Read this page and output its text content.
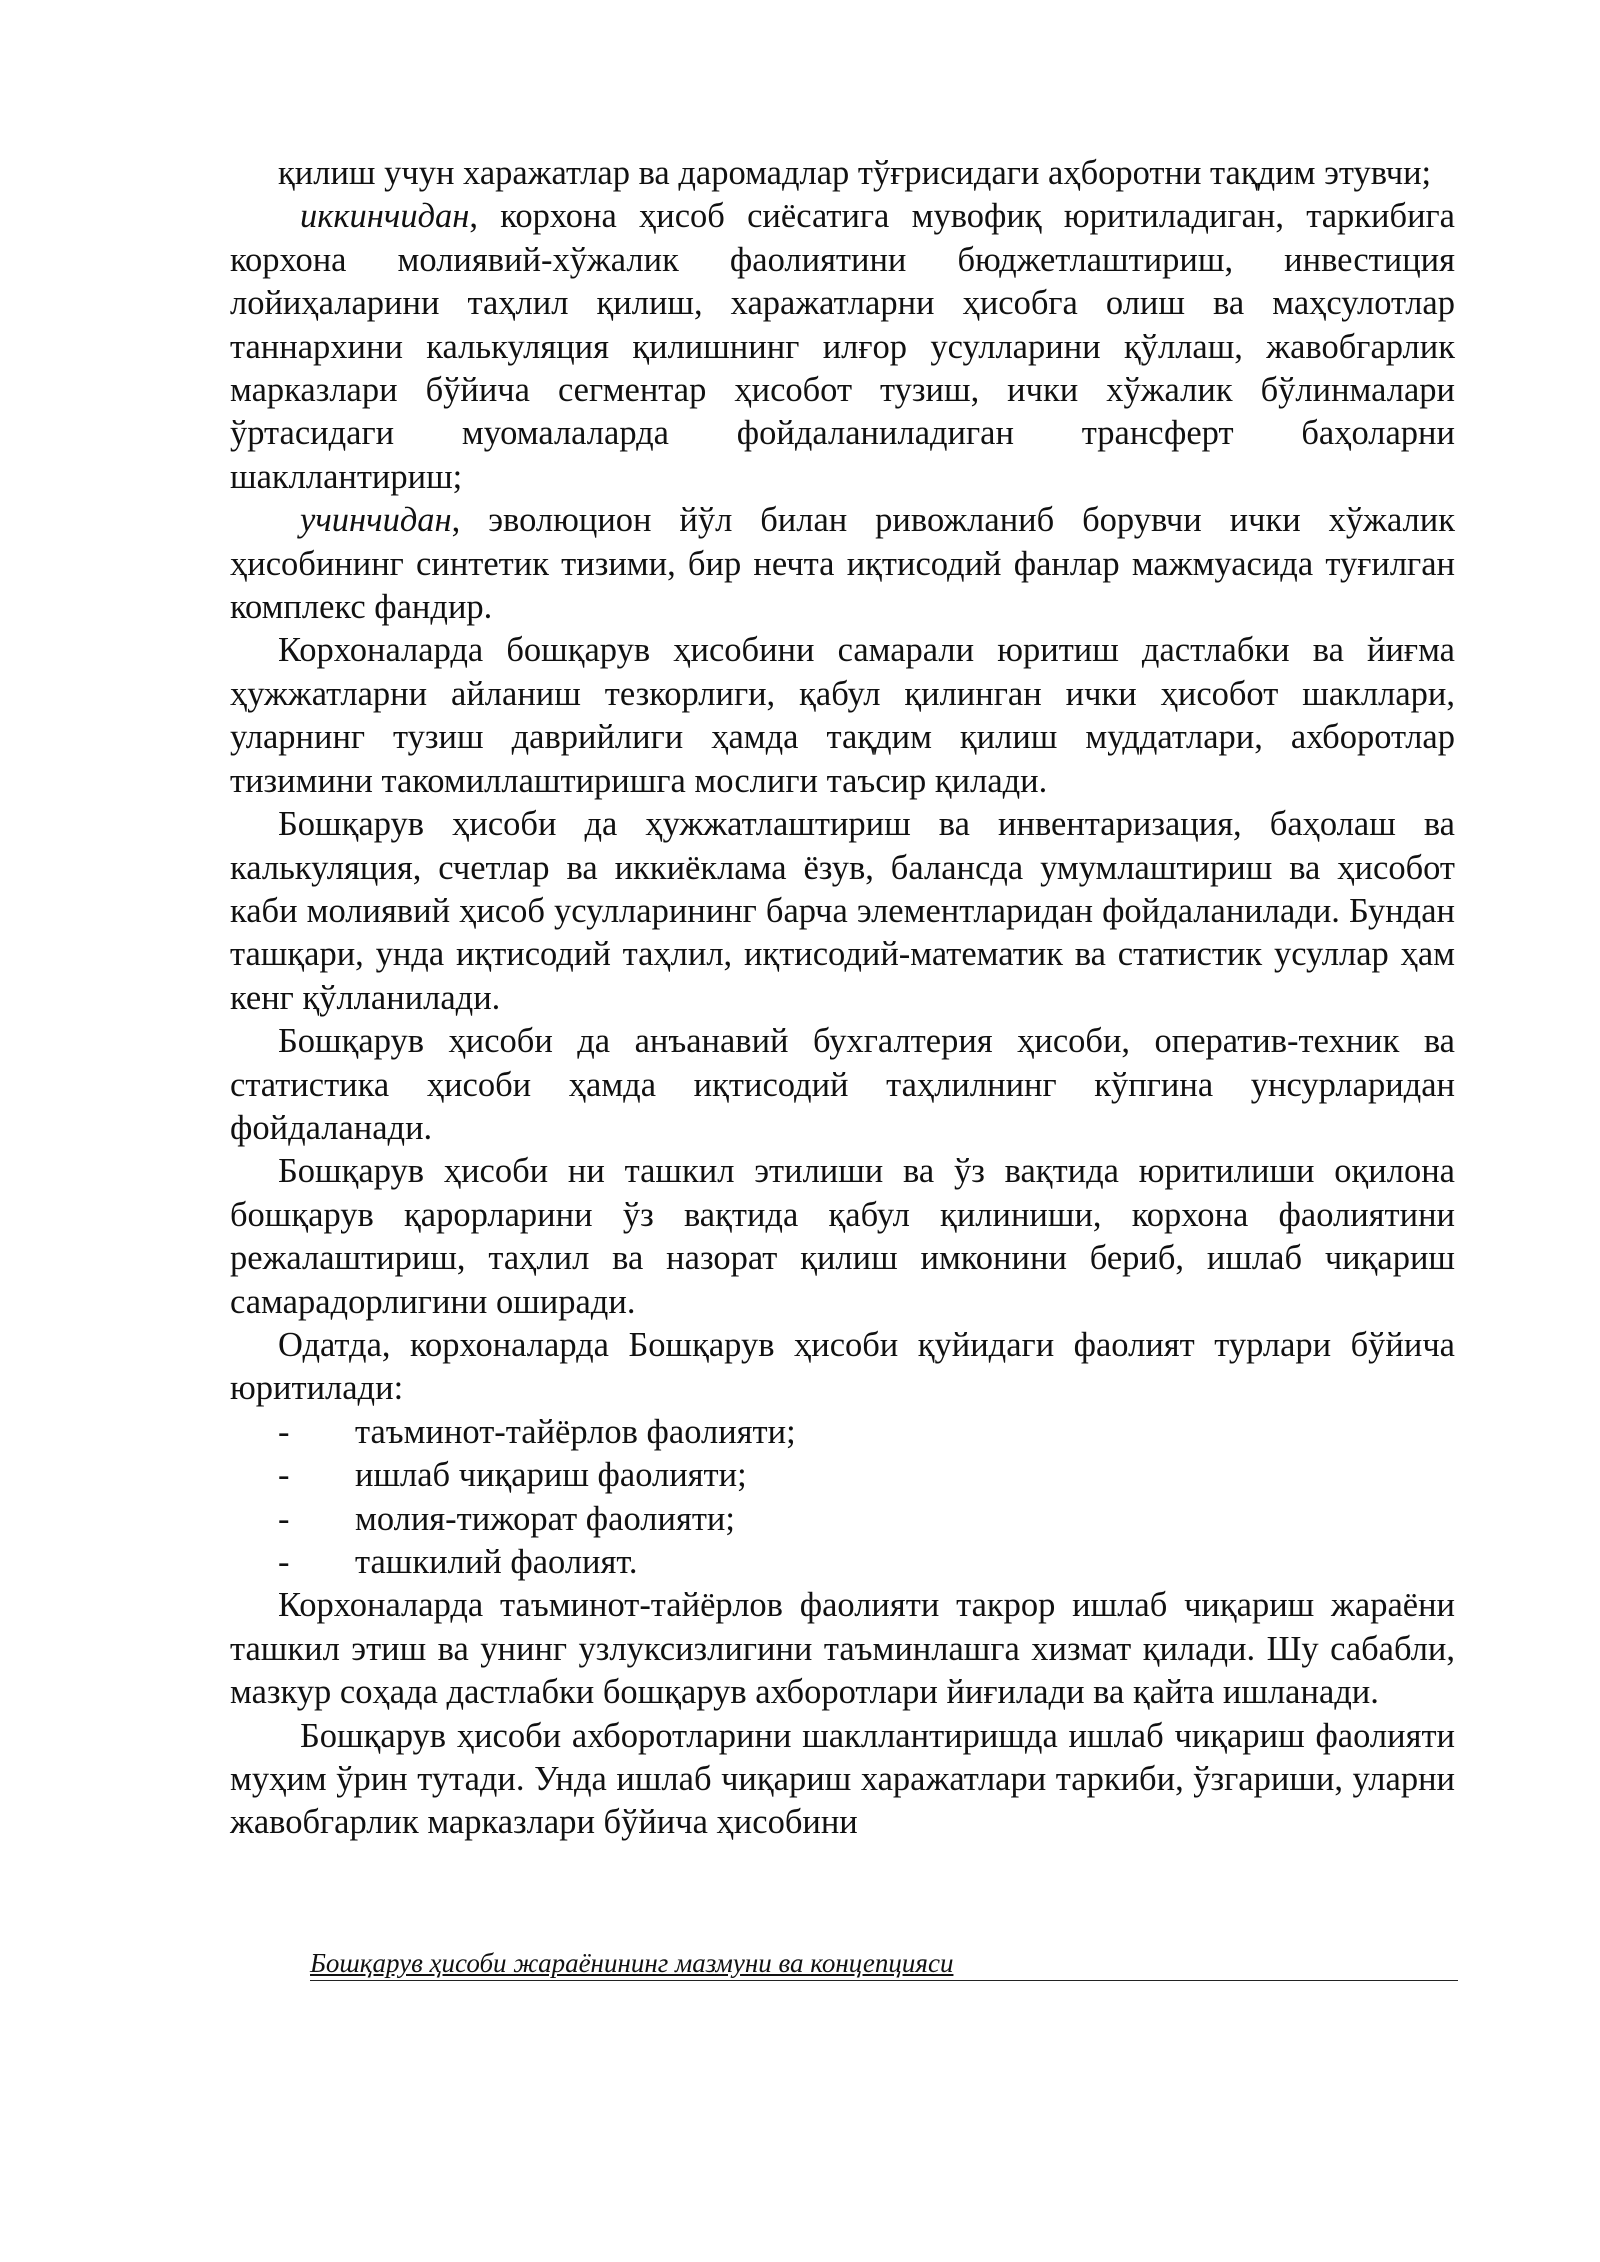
қилиш учун харажатлар ва даромадлар тўғрисидаги аҳборотни тақдим этувчи;

иккинчидан, корхона ҳисоб сиёсатига мувофиқ юритиладиган, таркибига корхона молиявий-хўжалик фаолиятини бюджетлаштириш, инвестиция лойиҳаларини таҳлил қилиш, харажатларни ҳисобга олиш ва маҳсулотлар таннархини калькуляция қилишнинг илғор усулларини қўллаш, жавобгарлик марказлари бўйича сегментар ҳисобот тузиш, ички хўжалик бўлинмалари ўртасидаги муомалаларда фойдаланиладиган трансферт баҳоларни шакллантириш;

учинчидан, эволюцион йўл билан ривожланиб борувчи ички хўжалик ҳисобининг синтетик тизими, бир нечта иқтисодий фанлар мажмуасида туғилган комплекс фандир.

Корхоналарда бошқарув ҳисобини самарали юритиш дастлабки ва йиғма ҳужжатларни айланиш тезкорлиги, қабул қилинган ички ҳисобот шакллари, уларнинг тузиш даврийлиги ҳамда тақдим қилиш муддатлари, ахборотлар тизимини такомиллаштиришга мослиги таъсир қилади.

Бошқарув ҳисоби да ҳужжатлаштириш ва инвентаризация, баҳолаш ва калькуляция, счетлар ва иккиёклама ёзув, балансда умумлаштириш ва ҳисобот каби молиявий ҳисоб усулларининг барча элементларидан фойдаланилади. Бундан ташқари, унда иқтисодий таҳлил, иқтисодий-математик ва статистик усуллар ҳам кенг қўлланилади.

Бошқарув ҳисоби да анъанавий бухгалтерия ҳисоби, оператив-техник ва статистика ҳисоби ҳамда иқтисодий таҳлилнинг кўпгина унсурларидан фойдаланади.

Бошқарув ҳисоби ни ташкил этилиши ва ўз вақтида юритилиши оқилона бошқарув қарорларини ўз вақтида қабул қилиниши, корхона фаолиятини режалаштириш, таҳлил ва назорат қилиш имконини бериб, ишлаб чиқариш самарадорлигини оширади.

Одатда, корхоналарда Бошқарув ҳисоби қуйидаги фаолият турлари бўйича юритилади:

-	таъминот-тайёрлов фаолияти;
-	ишлаб чиқариш фаолияти;
-	молия-тижорат фаолияти;
-	ташкилий фаолият.

Корхоналарда таъминот-тайёрлов фаолияти такрор ишлаб чиқариш жараёни ташкил этиш ва унинг узлуксизлигини таъминлашга хизмат қилади. Шу сабабли, мазкур соҳада дастлабки бошқарув ахборотлари йиғилади ва қайта ишланади.

Бошқарув ҳисоби ахборотларини шакллантиришда ишлаб чиқариш фаолияти муҳим ўрин тутади. Унда ишлаб чиқариш харажатлари таркиби, ўзгариши, уларни жавобгарлик марказлари бўйича ҳисобини

Бошқарув ҳисоби жараёнининг мазмуни ва концепцияси
